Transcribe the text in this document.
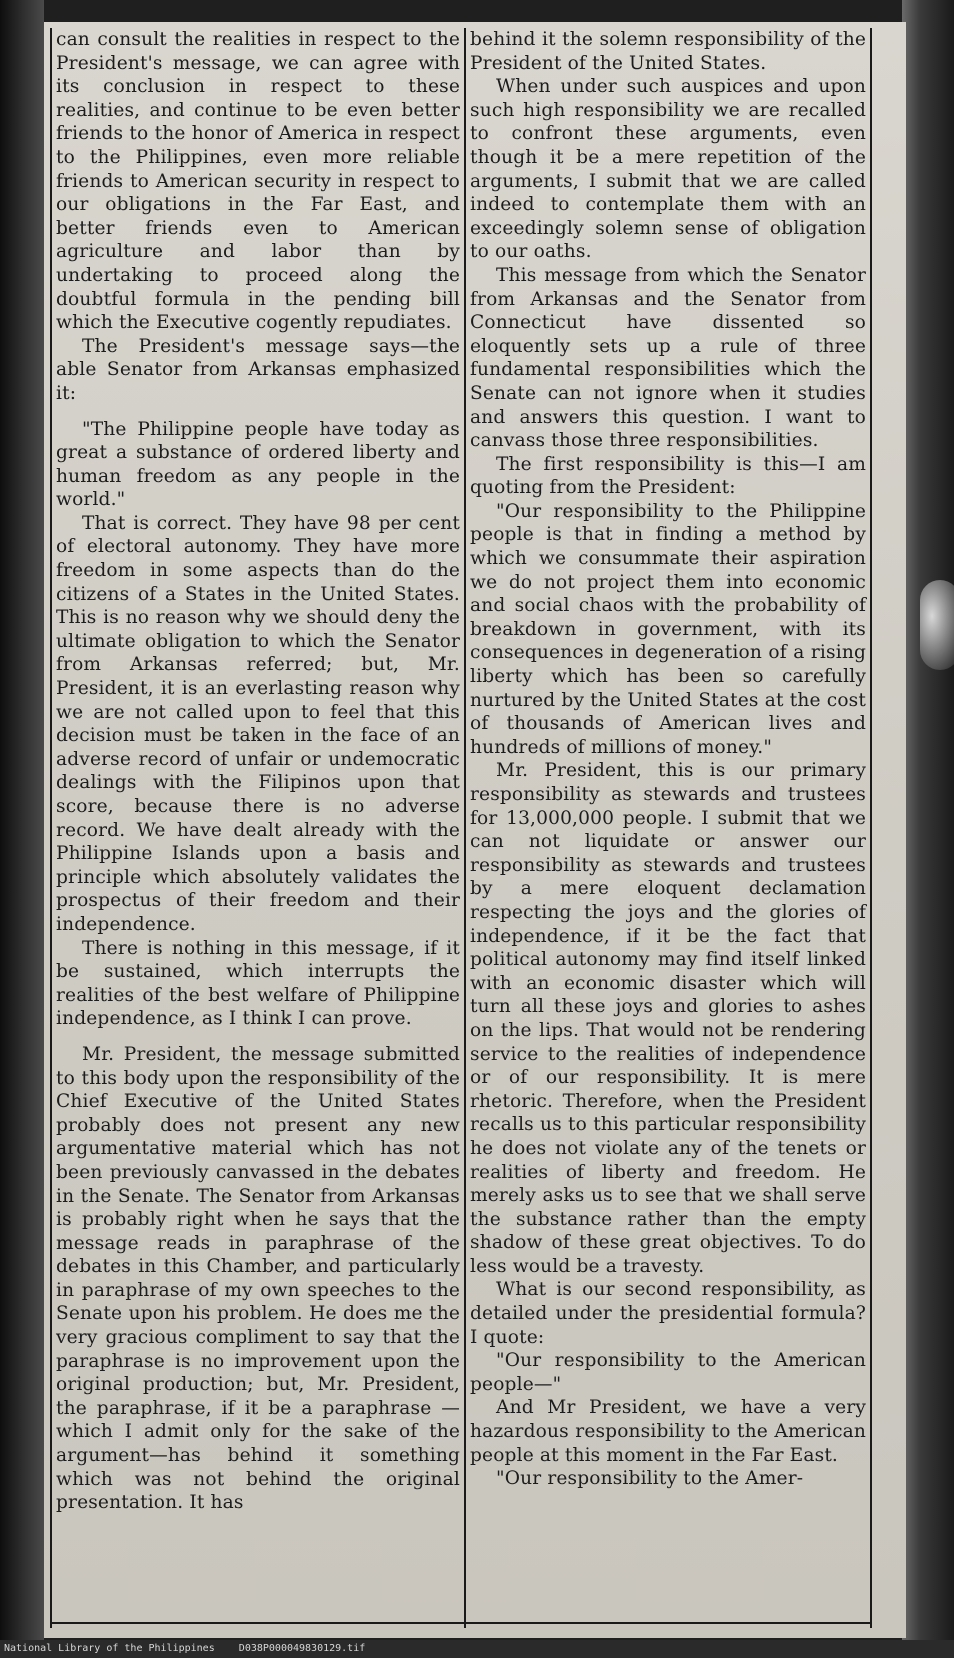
can consult the realities in respect to the President's message, we can agree with its conclusion in respect to these realities, and continue to be even better friends to the honor of America in respect to the Philippines, even more reliable friends to American security in respect to our obligations in the Far East, and better friends even to American agriculture and labor than by undertaking to proceed along the doubtful formula in the pending bill which the Executive cogently repudiates.

The President's message says—the able Senator from Arkansas emphasized it:

"The Philippine people have today as great a substance of ordered liberty and human freedom as any people in the world."

That is correct. They have 98 per cent of electoral autonomy. They have more freedom in some aspects than do the citizens of a States in the United States. This is no reason why we should deny the ultimate obligation to which the Senator from Arkansas referred; but, Mr. President, it is an everlasting reason why we are not called upon to feel that this decision must be taken in the face of an adverse record of unfair or undemocratic dealings with the Filipinos upon that score, because there is no adverse record. We have dealt already with the Philippine Islands upon a basis and principle which absolutely validates the prospectus of their freedom and their independence.

There is nothing in this message, if it be sustained, which interrupts the realities of the best welfare of Philippine independence, as I think I can prove.

Mr. President, the message submitted to this body upon the responsibility of the Chief Executive of the United States probably does not present any new argumentative material which has not been previously canvassed in the debates in the Senate. The Senator from Arkansas is probably right when he says that the message reads in paraphrase of the debates in this Chamber, and particularly in paraphrase of my own speeches to the Senate upon his problem. He does me the very gracious compliment to say that the paraphrase is no improvement upon the original production; but, Mr. President, the paraphrase, if it be a paraphrase —which I admit only for the sake of the argument—has behind it something which was not behind the original presentation. It has

behind it the solemn responsibility of the President of the United States.

When under such auspices and upon such high responsibility we are recalled to confront these arguments, even though it be a mere repetition of the arguments, I submit that we are called indeed to contemplate them with an exceedingly solemn sense of obligation to our oaths.

This message from which the Senator from Arkansas and the Senator from Connecticut have dissented so eloquently sets up a rule of three fundamental responsibilities which the Senate can not ignore when it studies and answers this question. I want to canvass those three responsibilities.

The first responsibility is this—I am quoting from the President:

"Our responsibility to the Philippine people is that in finding a method by which we consummate their aspiration we do not project them into economic and social chaos with the probability of breakdown in government, with its consequences in degeneration of a rising liberty which has been so carefully nurtured by the United States at the cost of thousands of American lives and hundreds of millions of money."

Mr. President, this is our primary responsibility as stewards and trustees for 13,000,000 people. I submit that we can not liquidate or answer our responsibility as stewards and trustees by a mere eloquent declamation respecting the joys and the glories of independence, if it be the fact that political autonomy may find itself linked with an economic disaster which will turn all these joys and glories to ashes on the lips. That would not be rendering service to the realities of independence or of our responsibility. It is mere rhetoric. Therefore, when the President recalls us to this particular responsibility he does not violate any of the tenets or realities of liberty and freedom. He merely asks us to see that we shall serve the substance rather than the empty shadow of these great objectives. To do less would be a travesty.

What is our second responsibility, as detailed under the presidential formula? I quote:

"Our responsibility to the American people—"

And Mr President, we have a very hazardous responsibility to the American people at this moment in the Far East.

"Our responsibility to the Amer-

National Library of the Philippines    D038P000049830129.tif
